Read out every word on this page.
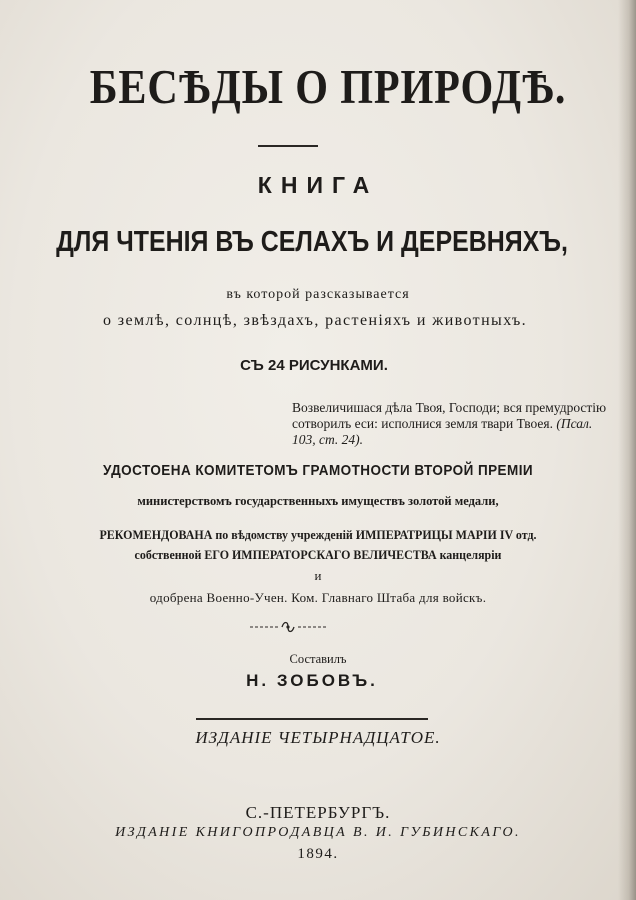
БЕСѢДЫ О ПРИРОДѢ.
КНИГА
ДЛЯ ЧТЕНІЯ ВЪ СЕЛАХЪ И ДЕРЕВНЯХЪ,
въ которой разсказывается
о землѣ, солнцѣ, звѣздахъ, растеніяхъ и животныхъ.
СЪ 24 РИСУНКАМИ.

Возвеличишася дѣла Твоя, Господи; вся премудростію сотворилъ еси: исполнися земля твари Твоея. (Псал. 103, ст. 24).

УДОСТОЕНА КОМИТЕТОМЪ ГРАМОТНОСТИ ВТОРОЙ ПРЕМІИ
министерствомъ государственныхъ имуществъ золотой медали,
РЕКОМЕНДОВАНА по вѣдомству учрежденій ИМПЕРАТРИЦЫ МАРІИ IV отд.
собственной ЕГО ИМПЕРАТОРСКАГО ВЕЛИЧЕСТВА канцеляріи
и
одобрена Военно-Учен. Ком. Главнаго Штаба для войскъ.
Составилъ
Н. ЗОБОВЪ.
ИЗДАНІЕ ЧЕТЫРНАДЦАТОЕ.
С.-ПЕТЕРБУРГЪ.
ИЗДАНІЕ КНИГОПРОДАВЦА В. И. ГУБИНСКАГО.
1894.
